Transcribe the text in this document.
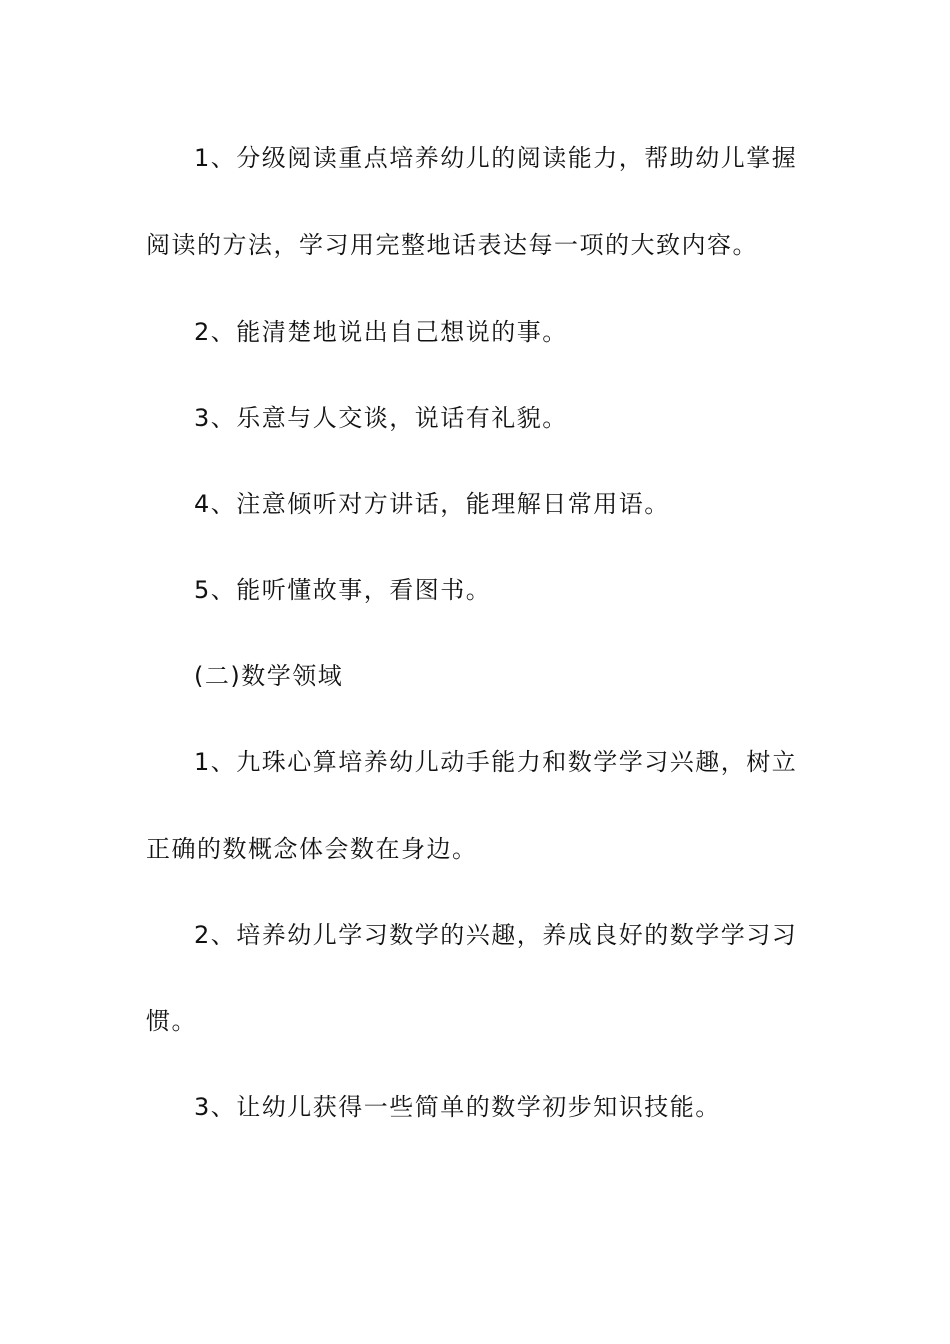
1、分级阅读重点培养幼儿的阅读能力，帮助幼儿掌握
阅读的方法，学习用完整地话表达每一项的大致内容。
2、能清楚地说出自己想说的事。
3、乐意与人交谈，说话有礼貌。
4、注意倾听对方讲话，能理解日常用语。
5、能听懂故事，看图书。
(二)数学领域
1、九珠心算培养幼儿动手能力和数学学习兴趣，树立
正确的数概念体会数在身边。
2、培养幼儿学习数学的兴趣，养成良好的数学学习习
惯。
3、让幼儿获得一些简单的数学初步知识技能。
